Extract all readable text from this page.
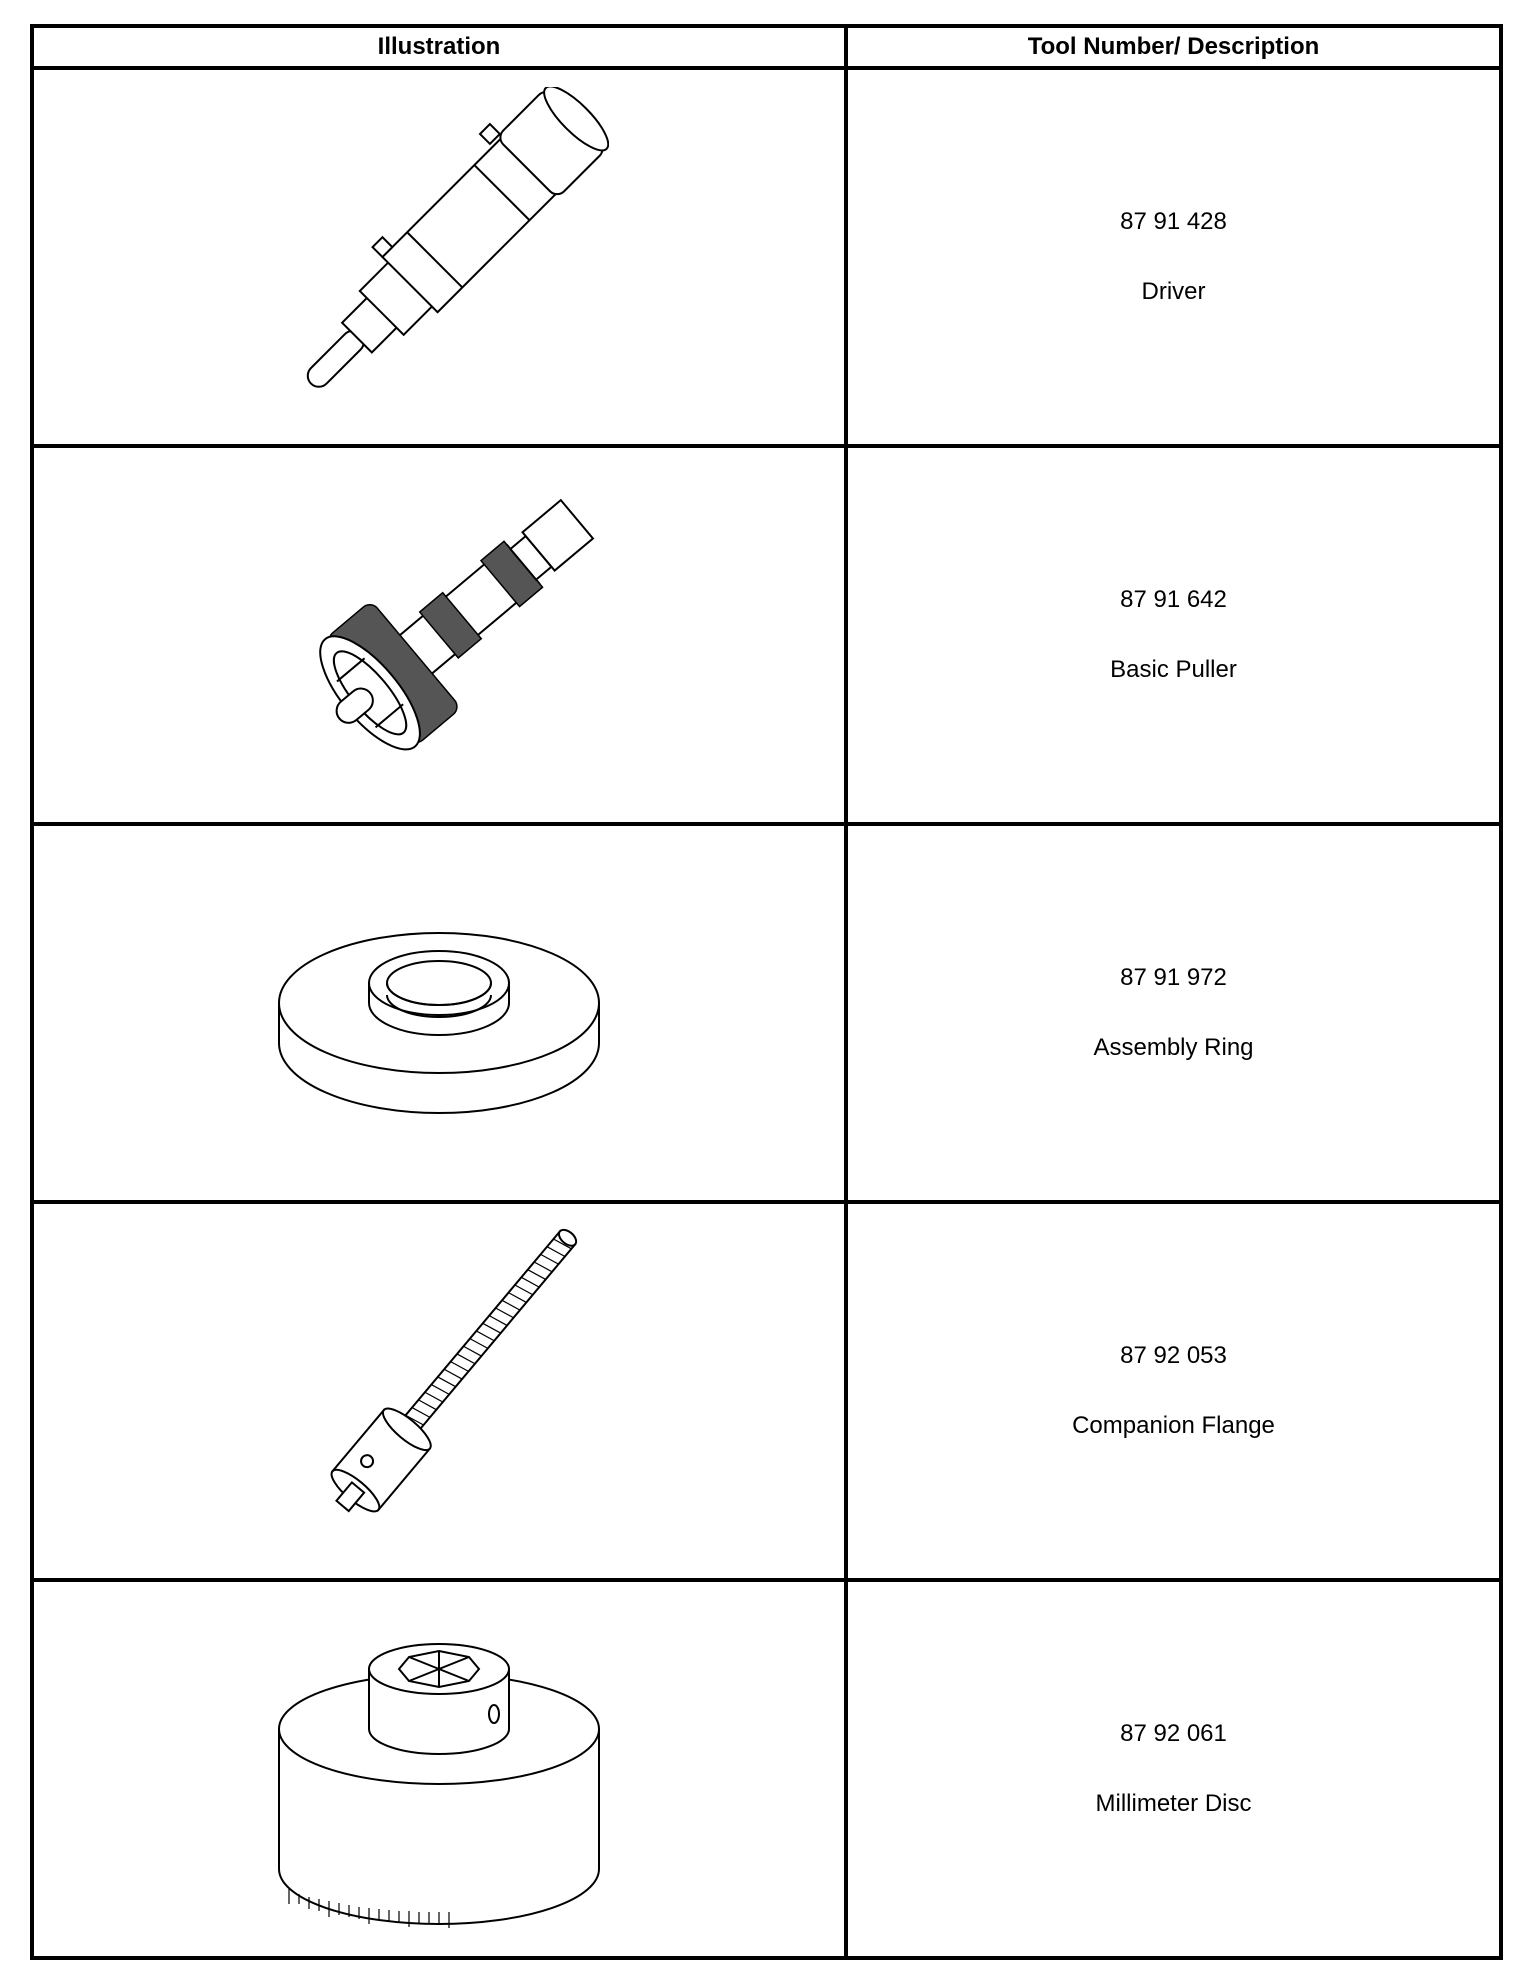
Illustration	Tool Number/ Description

87 91 428
Driver

87 91 642
Basic Puller

87 91 972
Assembly Ring

87 92 053
Companion Flange

87 92 061
Millimeter Disc
